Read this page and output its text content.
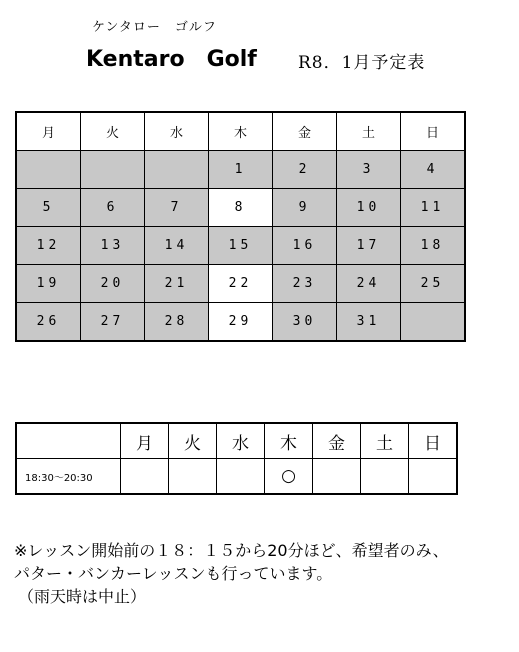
ケンタロー　ゴルフ
Kentaro　Golf R8．1月予定表
月	火	水	木	金	土	日
			1	2	3	4
5	6	7	8	9	10	11
12	13	14	15	16	17	18
19	20	21	22	23	24	25
26	27	28	29	30	31	
	月	火	水	木	金	土	日
18:30〜20:30				○			
※レッスン開始前の１８：１５から20分ほど、希望者のみ、
パター・バンカーレッスンも行っています。
（雨天時は中止）
